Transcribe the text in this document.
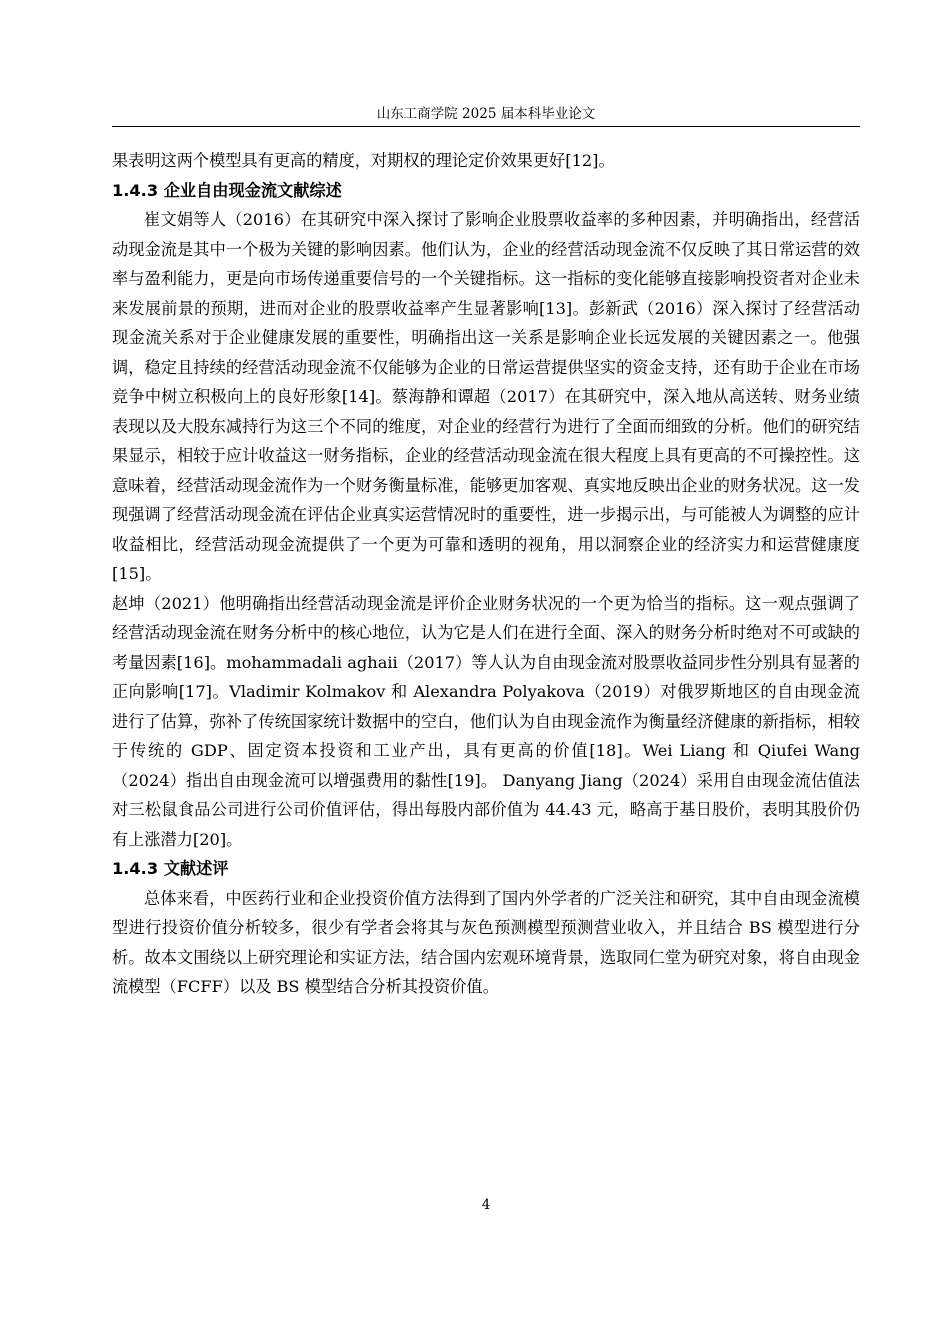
山东工商学院 2025 届本科毕业论文

果表明这两个模型具有更高的精度，对期权的理论定价效果更好[12]。

1.4.3 企业自由现金流文献综述

崔文娟等人（2016）在其研究中深入探讨了影响企业股票收益率的多种因素，并明确指出，经营活动现金流是其中一个极为关键的影响因素。他们认为，企业的经营活动现金流不仅反映了其日常运营的效率与盈利能力，更是向市场传递重要信号的一个关键指标。这一指标的变化能够直接影响投资者对企业未来发展前景的预期，进而对企业的股票收益率产生显著影响[13]。彭新武（2016）深入探讨了经营活动现金流关系对于企业健康发展的重要性，明确指出这一关系是影响企业长远发展的关键因素之一。他强调，稳定且持续的经营活动现金流不仅能够为企业的日常运营提供坚实的资金支持，还有助于企业在市场竞争中树立积极向上的良好形象[14]。蔡海静和谭超（2017）在其研究中，深入地从高送转、财务业绩表现以及大股东减持行为这三个不同的维度，对企业的经营行为进行了全面而细致的分析。他们的研究结果显示，相较于应计收益这一财务指标，企业的经营活动现金流在很大程度上具有更高的不可操控性。这意味着，经营活动现金流作为一个财务衡量标准，能够更加客观、真实地反映出企业的财务状况。这一发现强调了经营活动现金流在评估企业真实运营情况时的重要性，进一步揭示出，与可能被人为调整的应计收益相比，经营活动现金流提供了一个更为可靠和透明的视角，用以洞察企业的经济实力和运营健康度[15]。

赵坤（2021）他明确指出经营活动现金流是评价企业财务状况的一个更为恰当的指标。这一观点强调了经营活动现金流在财务分析中的核心地位，认为它是人们在进行全面、深入的财务分析时绝对不可或缺的考量因素[16]。mohammadali aghaii（2017）等人认为自由现金流对股票收益同步性分别具有显著的正向影响[17]。Vladimir Kolmakov 和 Alexandra Polyakova（2019）对俄罗斯地区的自由现金流进行了估算，弥补了传统国家统计数据中的空白，他们认为自由现金流作为衡量经济健康的新指标，相较于传统的 GDP、固定资本投资和工业产出，具有更高的价值[18]。Wei Liang 和 Qiufei Wang（2024）指出自由现金流可以增强费用的黏性[19]。 Danyang Jiang（2024）采用自由现金流估值法对三松鼠食品公司进行公司价值评估，得出每股内部价值为 44.43 元，略高于基日股价，表明其股价仍有上涨潜力[20]。

1.4.3 文献述评

总体来看，中医药行业和企业投资价值方法得到了国内外学者的广泛关注和研究，其中自由现金流模型进行投资价值分析较多，很少有学者会将其与灰色预测模型预测营业收入，并且结合 BS 模型进行分析。故本文围绕以上研究理论和实证方法，结合国内宏观环境背景，选取同仁堂为研究对象，将自由现金流模型（FCFF）以及 BS 模型结合分析其投资价值。

4
